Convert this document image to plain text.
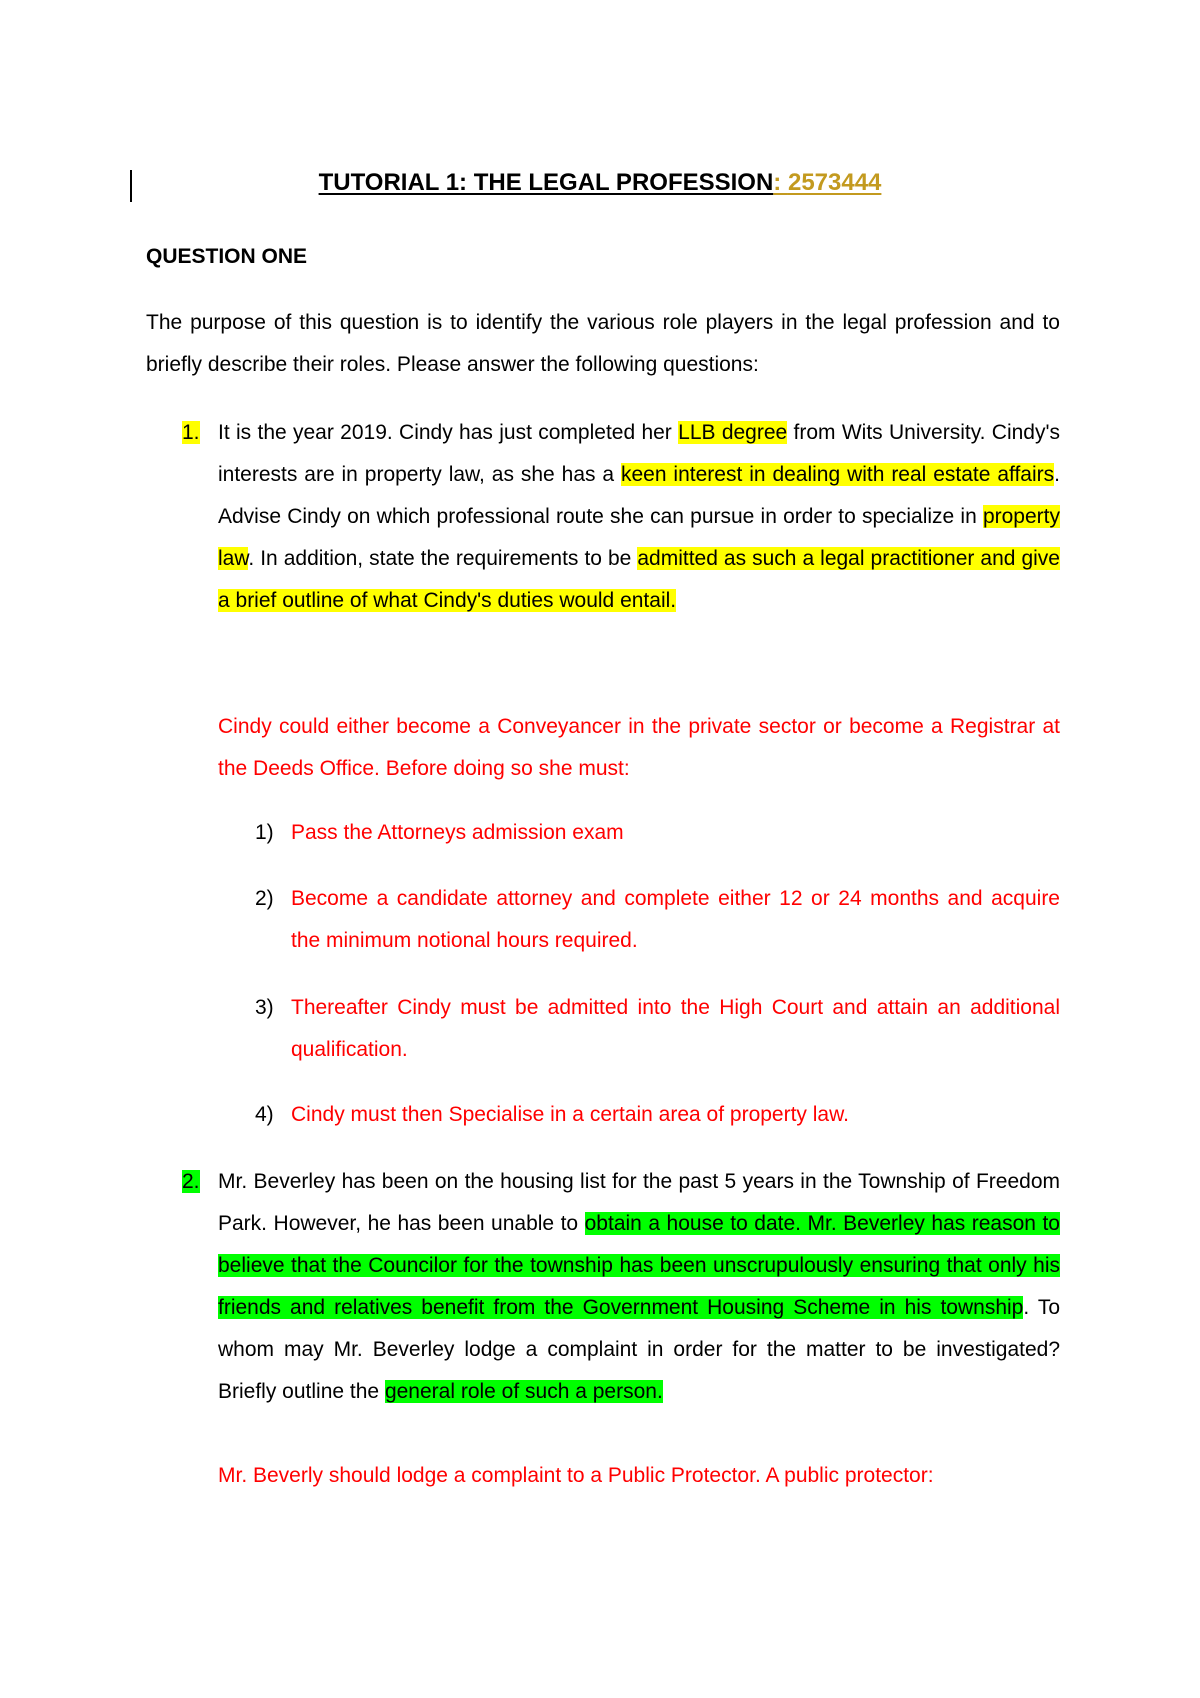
TUTORIAL 1: THE LEGAL PROFESSION: 2573444
QUESTION ONE
The purpose of this question is to identify the various role players in the legal profession and to briefly describe their roles. Please answer the following questions:
1. It is the year 2019. Cindy has just completed her LLB degree from Wits University. Cindy's interests are in property law, as she has a keen interest in dealing with real estate affairs. Advise Cindy on which professional route she can pursue in order to specialize in property law. In addition, state the requirements to be admitted as such a legal practitioner and give a brief outline of what Cindy's duties would entail.
Cindy could either become a Conveyancer in the private sector or become a Registrar at the Deeds Office. Before doing so she must:
1) Pass the Attorneys admission exam
2) Become a candidate attorney and complete either 12 or 24 months and acquire the minimum notional hours required.
3) Thereafter Cindy must be admitted into the High Court and attain an additional qualification.
4) Cindy must then Specialise in a certain area of property law.
2. Mr. Beverley has been on the housing list for the past 5 years in the Township of Freedom Park. However, he has been unable to obtain a house to date. Mr. Beverley has reason to believe that the Councilor for the township has been unscrupulously ensuring that only his friends and relatives benefit from the Government Housing Scheme in his township. To whom may Mr. Beverley lodge a complaint in order for the matter to be investigated? Briefly outline the general role of such a person.
Mr. Beverly should lodge a complaint to a Public Protector. A public protector:
